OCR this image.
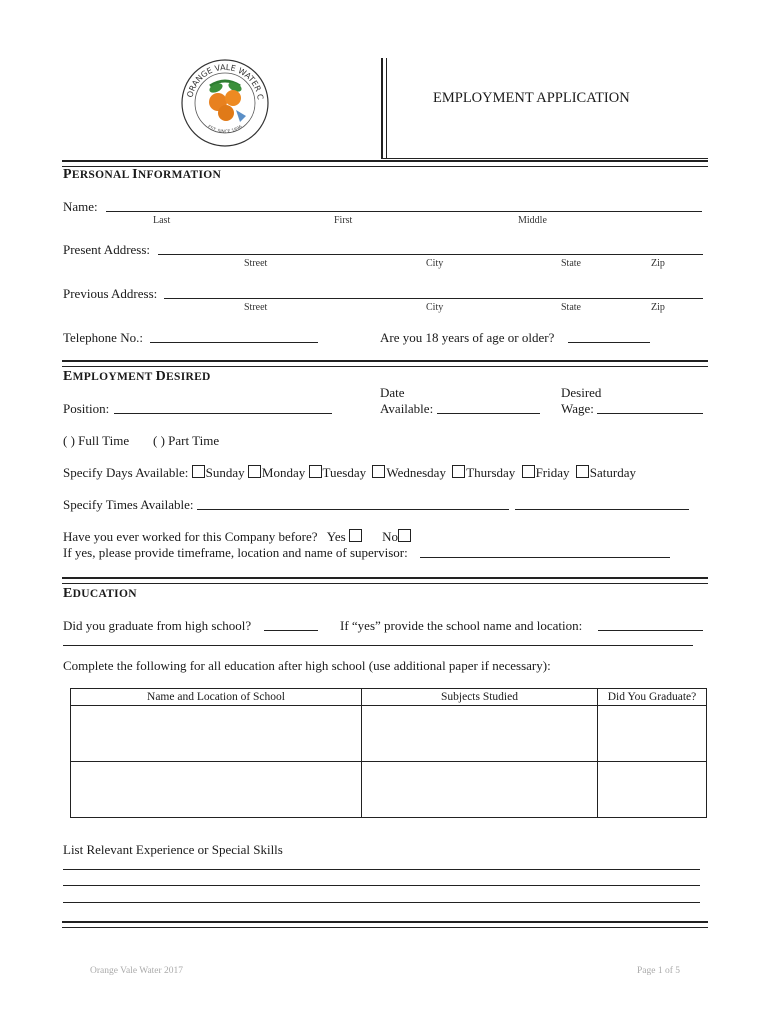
ORANGE VALE WATER C
EST. SINCE 1896
EMPLOYMENT APPLICATION
PERSONAL INFORMATION
Name:
Last	First	Middle
Present Address:
Street	City	State	Zip
Previous Address:
Street	City	State	Zip
Telephone No.:	Are you 18 years of age or older?
EMPLOYMENT DESIRED
Position:
Date
Available:
Desired
Wage:
( ) Full Time ( ) Part Time
Specify Days Available: Sunday Monday Tuesday Wednesday Thursday Friday Saturday
Specify Times Available:
Have you ever worked for this Company before? Yes	No
If yes, please provide timeframe, location and name of supervisor:
EDUCATION
Did you graduate from high school?	If “yes” provide the school name and location:
Complete the following for all education after high school (use additional paper if necessary):
Name and Location of School	Subjects Studied	Did You Graduate?

List Relevant Experience or Special Skills
Orange Vale Water 2017	Page 1 of 5
